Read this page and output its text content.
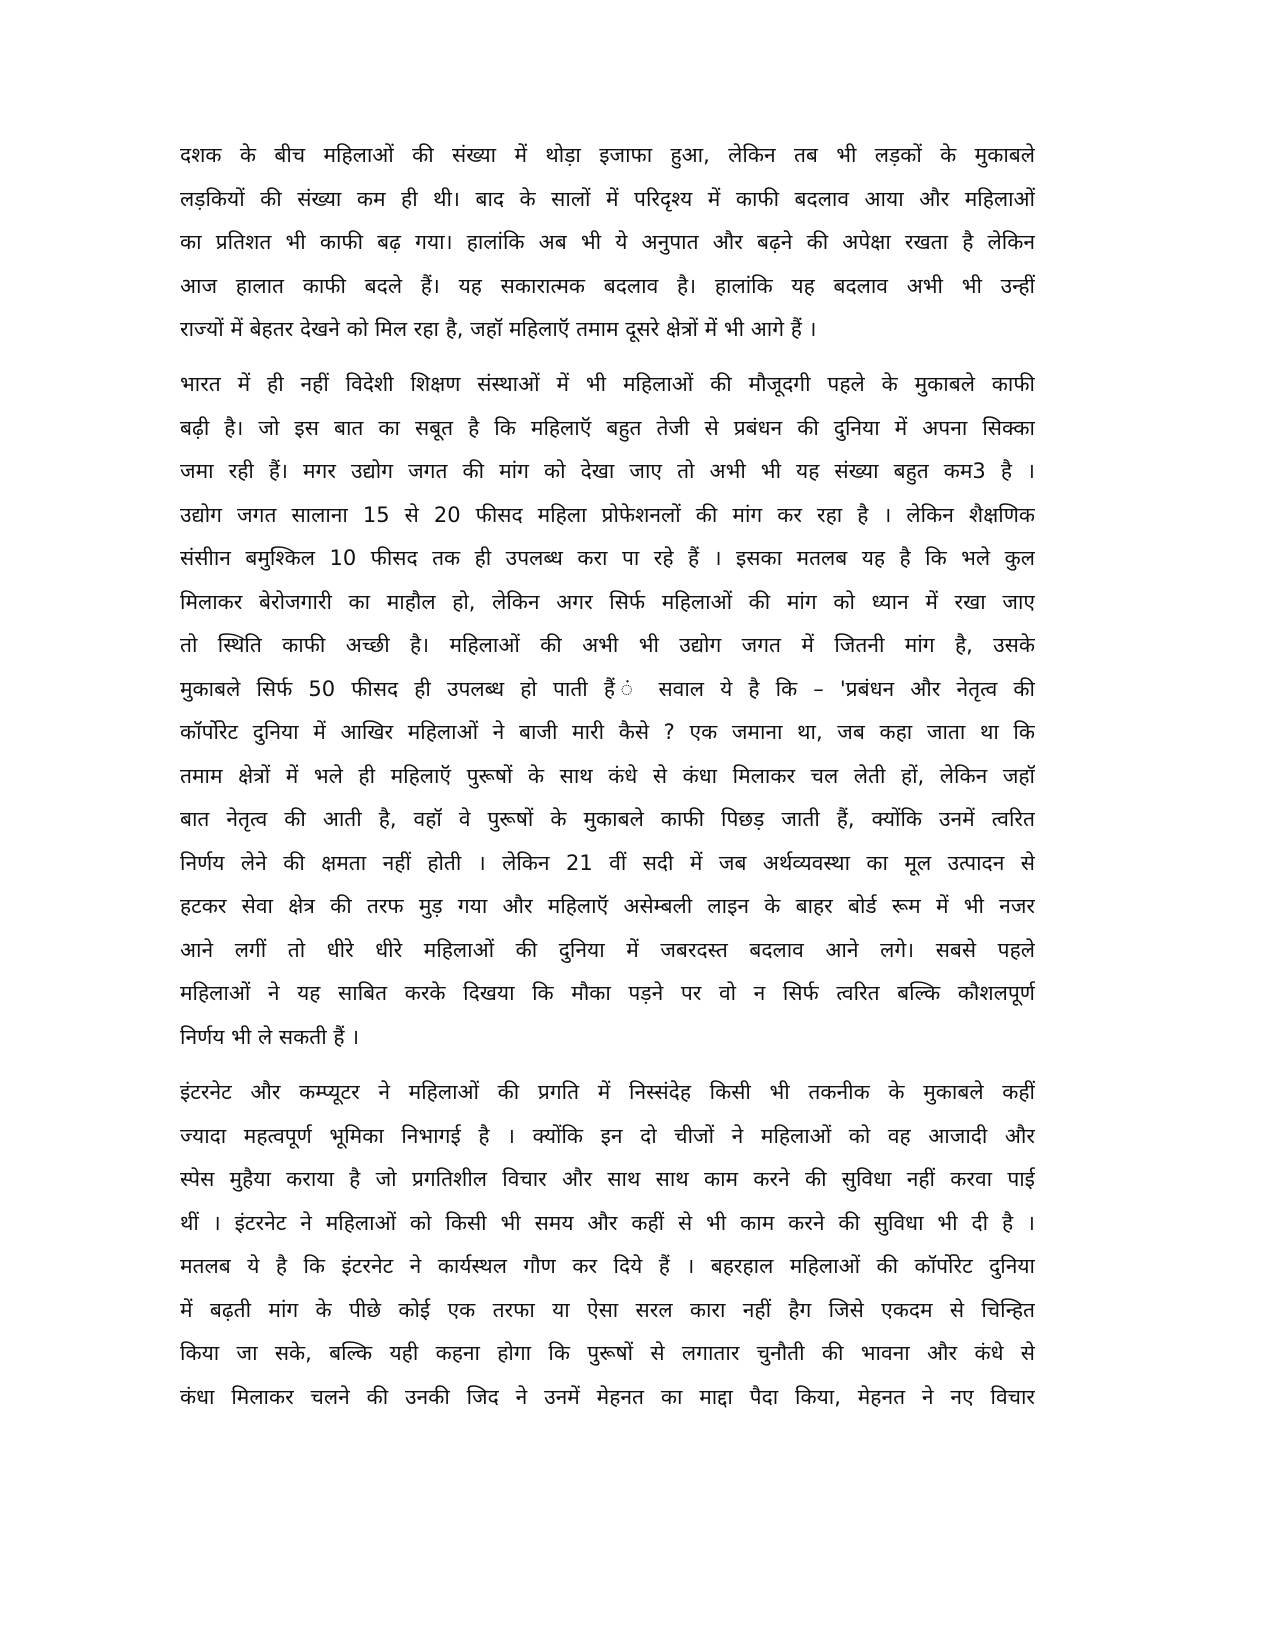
दशक के बीच महिलाओं की संख्या में थोड़ा इजाफा हुआ, लेकिन तब भी लड़कों के मुकाबले
लड़कियों की संख्या कम ही थी। बाद के सालों में परिदृश्य में काफी बदलाव आया और महिलाओं
का प्रतिशत भी काफी बढ़ गया। हालांकि अब भी ये अनुपात और बढ़ने की अपेक्षा रखता है लेकिन
आज हालात काफी बदले हैं। यह सकारात्मक बदलाव है। हालांकि यह बदलाव अभी भी उन्हीं
राज्यों में बेहतर देखने को मिल रहा है, जहॉ महिलाऍ तमाम दूसरे क्षेत्रों में भी आगे हैं ।
भारत में ही नहीं विदेशी शिक्षण संस्थाओं में भी महिलाओं की मौजूदगी पहले के मुकाबले काफी
बढ़ी है। जो इस बात का सबूत है कि महिलाऍ बहुत तेजी से प्रबंधन की दुनिया में अपना सिक्का
जमा रही हैं। मगर उद्योग जगत की मांग को देखा जाए तो अभी भी यह संख्या बहुत कम3 है ।
उद्योग जगत सालाना 15 से 20 फीसद महिला प्रोफेशनलों की मांग कर रहा है । लेकिन शैक्षणिक
संसीान बमुश्किल 10 फीसद तक ही उपलब्ध करा पा रहे हैं । इसका मतलब यह है कि भले कुल
मिलाकर बेरोजगारी का माहौल हो, लेकिन अगर सिर्फ महिलाओं की मांग को ध्यान में रखा जाए
तो स्थिति काफी अच्छी है। महिलाओं की अभी भी उद्योग जगत में जितनी मांग है, उसके
मुकाबले सिर्फ 50 फीसद ही उपलब्ध हो पाती हैं ं सवाल ये है कि – 'प्रबंधन और नेतृत्व की
कॉर्पोरेट दुनिया में आखिर महिलाओं ने बाजी मारी कैसे ? एक जमाना था, जब कहा जाता था कि
तमाम क्षेत्रों में भले ही महिलाऍ पुरूषों के साथ कंधे से कंधा मिलाकर चल लेती हों, लेकिन जहॉ
बात नेतृत्व की आती है, वहॉ वे पुरूषों के मुकाबले काफी पिछड़ जाती हैं, क्योंकि उनमें त्वरित
निर्णय लेने की क्षमता नहीं होती । लेकिन 21 वीं सदी में जब अर्थव्यवस्था का मूल उत्पादन से
हटकर सेवा क्षेत्र की तरफ मुड़ गया और महिलाऍ असेम्बली लाइन के बाहर बोर्ड रूम में भी नजर
आने लगीं तो धीरे धीरे महिलाओं की दुनिया में जबरदस्त बदलाव आने लगे। सबसे पहले
महिलाओं ने यह साबित करके दिखया कि मौका पड़ने पर वो न सिर्फ त्वरित बल्कि कौशलपूर्ण
निर्णय भी ले सकती हैं ।
इंटरनेट और कम्प्यूटर ने महिलाओं की प्रगति में निस्संदेह किसी भी तकनीक के मुकाबले कहीं
ज्यादा महत्वपूर्ण भूमिका निभागई है । क्योंकि इन दो चीजों ने महिलाओं को वह आजादी और
स्पेस मुहैया कराया है जो प्रगतिशील विचार और साथ साथ काम करने की सुविधा नहीं करवा पाई
थीं । इंटरनेट ने महिलाओं को किसी भी समय और कहीं से भी काम करने की सुविधा भी दी है ।
मतलब ये है कि इंटरनेट ने कार्यस्थल गौण कर दिये हैं । बहरहाल महिलाओं की कॉर्पोरेट दुनिया
में बढ़ती मांग के पीछे कोई एक तरफा या ऐसा सरल कारा नहीं हैग जिसे एकदम से चिन्हित
किया जा सके, बल्कि यही कहना होगा कि पुरूषों से लगातार चुनौती की भावना और कंधे से
कंधा मिलाकर चलने की उनकी जिद ने उनमें मेहनत का माद्दा पैदा किया, मेहनत ने नए विचार
